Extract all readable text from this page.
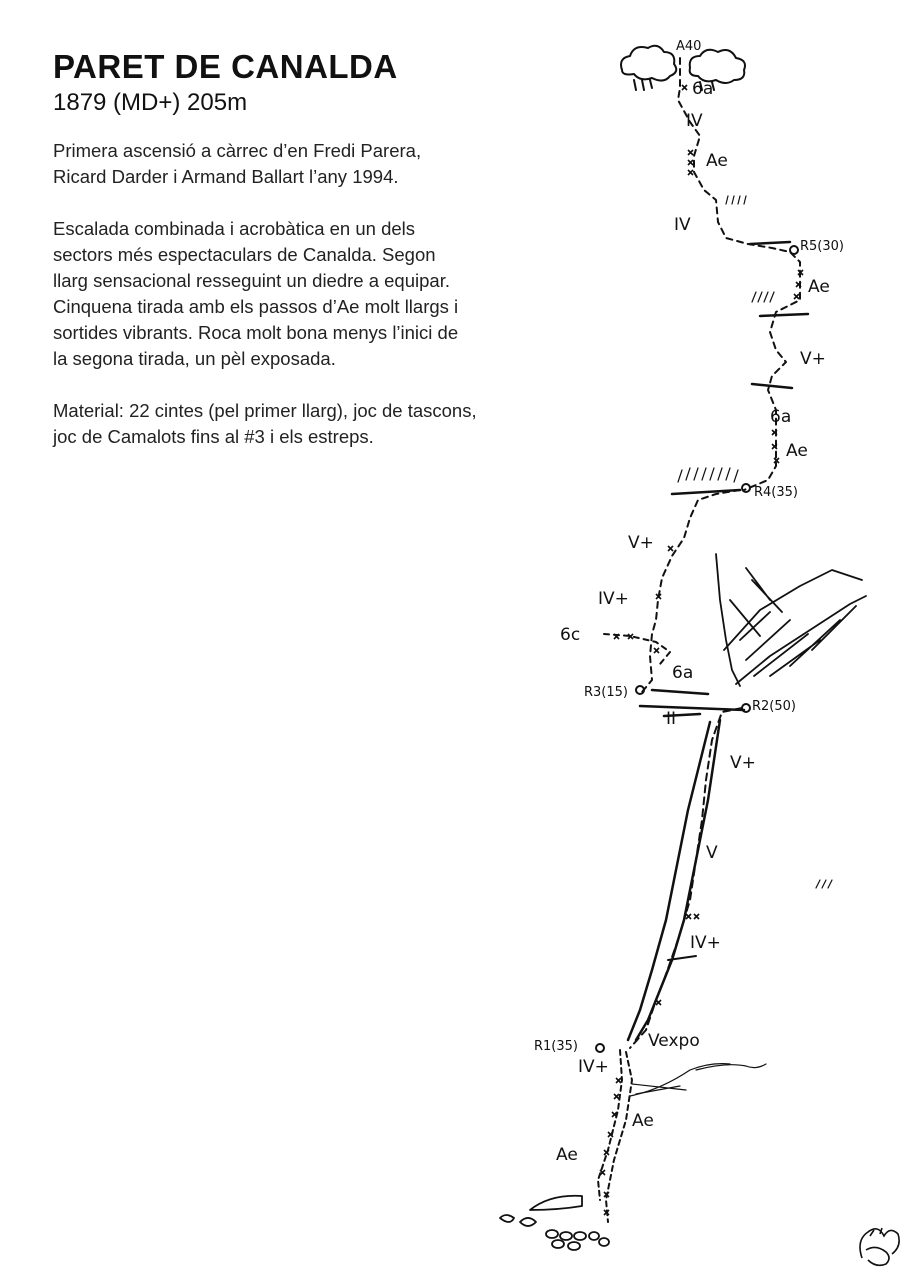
PARET DE CANALDA
1879 (MD+) 205m

Primera ascensió a càrrec d’en Fredi Parera,
Ricard Darder i Armand Ballart l’any 1994.

Escalada combinada i acrobàtica en un dels
sectors més espectaculars de Canalda. Segon
llarg sensacional resseguint un diedre a equipar.
Cinquena tirada amb els passos d’Ae molt llargs i
sortides vibrants. Roca molt bona menys l’inici de
la segona tirada, un pèl exposada.

Material: 22 cintes (pel primer llarg), joc de tascons,
joc de Camalots fins al #3 i els estreps.

A40
R5(30)
R4(35)
R3(15)
R2(50)
R1(35)
6a
IV
Ae
IV
Ae
V+
6a
Ae
V+
IV+
6c
6a
II
V+
V
IV+
Vexpo
IV+
Ae
Ae
